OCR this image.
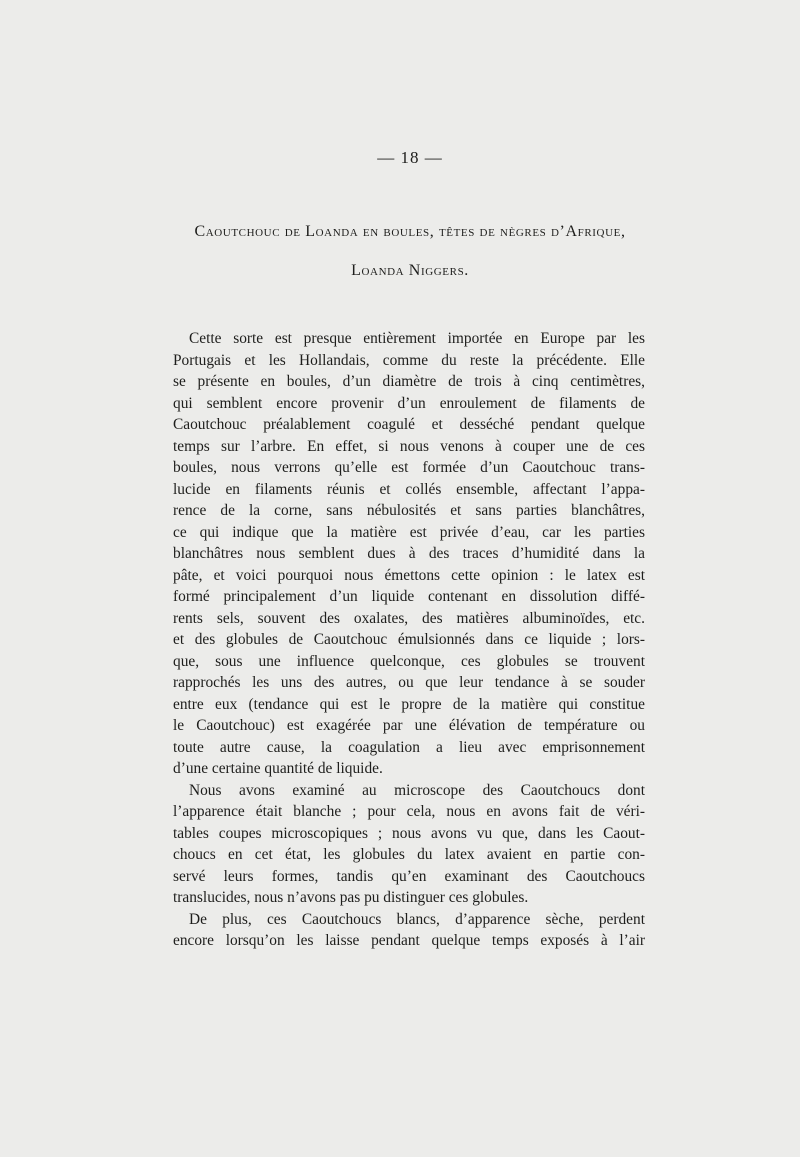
— 18 —
Caoutchouc de Loanda en boules, têtes de nègres d’Afrique,
Loanda Niggers.
Cette sorte est presque entièrement importée en Europe par les
Portugais et les Hollandais, comme du reste la précédente. Elle
se présente en boules, d’un diamètre de trois à cinq centimètres,
qui semblent encore provenir d’un enroulement de filaments de
Caoutchouc préalablement coagulé et desséché pendant quelque
temps sur l’arbre. En effet, si nous venons à couper une de ces
boules, nous verrons qu’elle est formée d’un Caoutchouc trans-
lucide en filaments réunis et collés ensemble, affectant l’appa-
rence de la corne, sans nébulosités et sans parties blanchâtres,
ce qui indique que la matière est privée d’eau, car les parties
blanchâtres nous semblent dues à des traces d’humidité dans la
pâte, et voici pourquoi nous émettons cette opinion : le latex est
formé principalement d’un liquide contenant en dissolution diffé-
rents sels, souvent des oxalates, des matières albuminoïdes, etc.
et des globules de Caoutchouc émulsionnés dans ce liquide ; lors-
que, sous une influence quelconque, ces globules se trouvent
rapprochés les uns des autres, ou que leur tendance à se souder
entre eux (tendance qui est le propre de la matière qui constitue
le Caoutchouc) est exagérée par une élévation de température ou
toute autre cause, la coagulation a lieu avec emprisonnement
d’une certaine quantité de liquide.
Nous avons examiné au microscope des Caoutchoucs dont
l’apparence était blanche ; pour cela, nous en avons fait de véri-
tables coupes microscopiques ; nous avons vu que, dans les Caout-
choucs en cet état, les globules du latex avaient en partie con-
servé leurs formes, tandis qu’en examinant des Caoutchoucs
translucides, nous n’avons pas pu distinguer ces globules.
De plus, ces Caoutchoucs blancs, d’apparence sèche, perdent
encore lorsqu’on les laisse pendant quelque temps exposés à l’air
